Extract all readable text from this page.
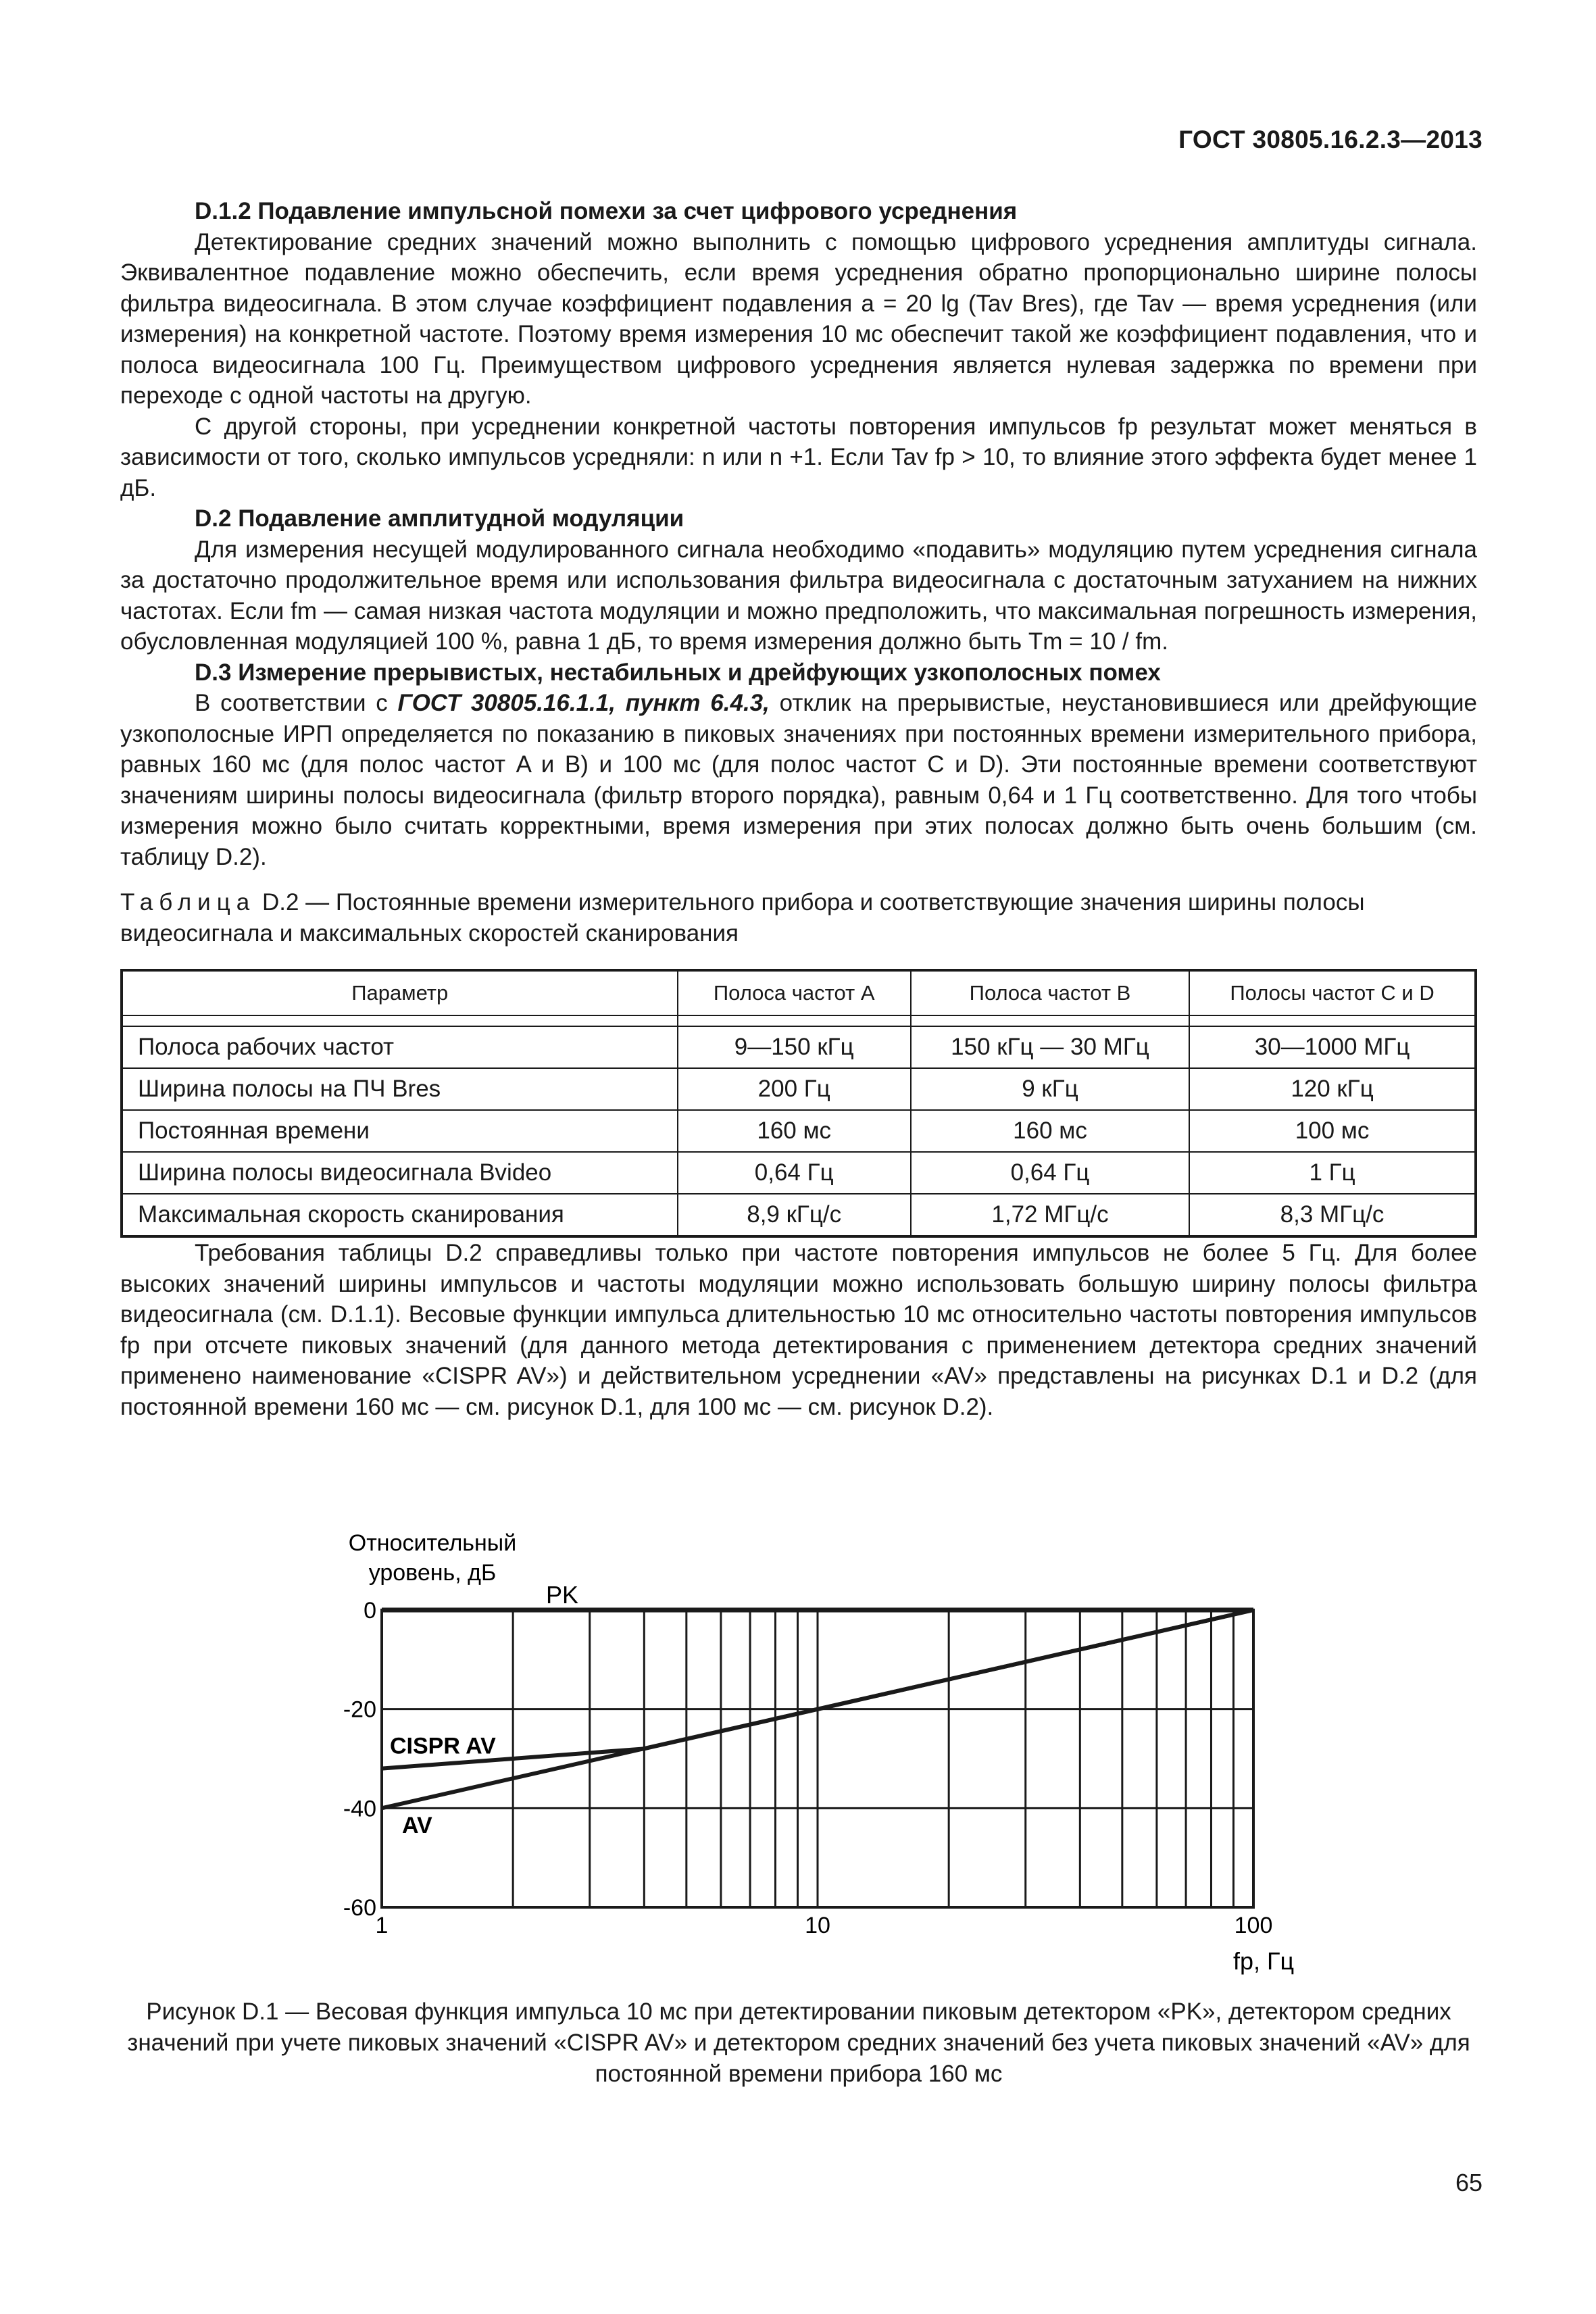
ГОСТ 30805.16.2.3—2013
D.1.2 Подавление импульсной помехи за счет цифрового усреднения

Детектирование средних значений можно выполнить с помощью цифрового усреднения амплитуды сигнала. Эквивалентное подавление можно обеспечить, если время усреднения обратно пропорционально ширине полосы фильтра видеосигнала. В этом случае коэффициент подавления a = 20 lg (Tav Bres), где Tav — время усреднения (или измерения) на конкретной частоте. Поэтому время измерения 10 мс обеспечит такой же коэффициент подавления, что и полоса видеосигнала 100 Гц. Преимуществом цифрового усреднения является нулевая задержка по времени при переходе с одной частоты на другую.

С другой стороны, при усреднении конкретной частоты повторения импульсов fp результат может меняться в зависимости от того, сколько импульсов усредняли: n или n +1. Если Tav fp > 10, то влияние этого эффекта будет менее 1 дБ.

D.2 Подавление амплитудной модуляции

Для измерения несущей модулированного сигнала необходимо «подавить» модуляцию путем усреднения сигнала за достаточно продолжительное время или использования фильтра видеосигнала с достаточным затуханием на нижних частотах. Если fm — самая низкая частота модуляции и можно предположить, что максимальная погрешность измерения, обусловленная модуляцией 100 %, равна 1 дБ, то время измерения должно быть Tm = 10 / fm.

D.3 Измерение прерывистых, нестабильных и дрейфующих узкополосных помех

В соответствии с ГОСТ 30805.16.1.1, пункт 6.4.3, отклик на прерывистые, неустановившиеся или дрейфующие узкополосные ИРП определяется по показанию в пиковых значениях при постоянных времени измерительного прибора, равных 160 мс (для полос частот A и B) и 100 мс (для полос частот C и D). Эти постоянные времени соответствуют значениям ширины полосы видеосигнала (фильтр второго порядка), равным 0,64 и 1 Гц соответственно. Для того чтобы измерения можно было считать корректными, время измерения при этих полосах должно быть очень большим (см. таблицу D.2).

Таблица D.2 — Постоянные времени измерительного прибора и соответствующие значения ширины полосы видеосигнала и максимальных скоростей сканирования

Параметр	Полоса частот A	Полоса частот B	Полосы частот C и D

Полоса рабочих частот	9—150 кГц	150 кГц — 30 МГц	30—1000 МГц
Ширина полосы на ПЧ Bres	200 Гц	9 кГц	120 кГц
Постоянная времени	160 мс	160 мс	100 мс
Ширина полосы видеосигнала Bvideo	0,64 Гц	0,64 Гц	1 Гц
Максимальная скорость сканирования	8,9 кГц/с	1,72 МГц/с	8,3 МГц/с

Требования таблицы D.2 справедливы только при частоте повторения импульсов не более 5 Гц. Для более высоких значений ширины импульсов и частоты модуляции можно использовать большую ширину полосы фильтра видеосигнала (см. D.1.1). Весовые функции импульса длительностью 10 мс относительно частоты повторения импульсов fp при отсчете пиковых значений (для данного метода детектирования с применением детектора средних значений применено наименование «CISPR AV») и действительном усреднении «AV» представлены на рисунках D.1 и D.2 (для постоянной времени 160 мс — см. рисунок D.1, для 100 мс — см. рисунок D.2).

PK
CISPR AV
AV
0
-20
-40
-60
1	10	100
Относительный
уровень, дБ
fp, Гц
Рисунок D.1 — Весовая функция импульса 10 мс при детектировании пиковым детектором «PK», детектором средних значений при учете пиковых значений «CISPR AV» и детектором средних значений без учета пиковых значений «AV» для постоянной времени прибора 160 мс
65
